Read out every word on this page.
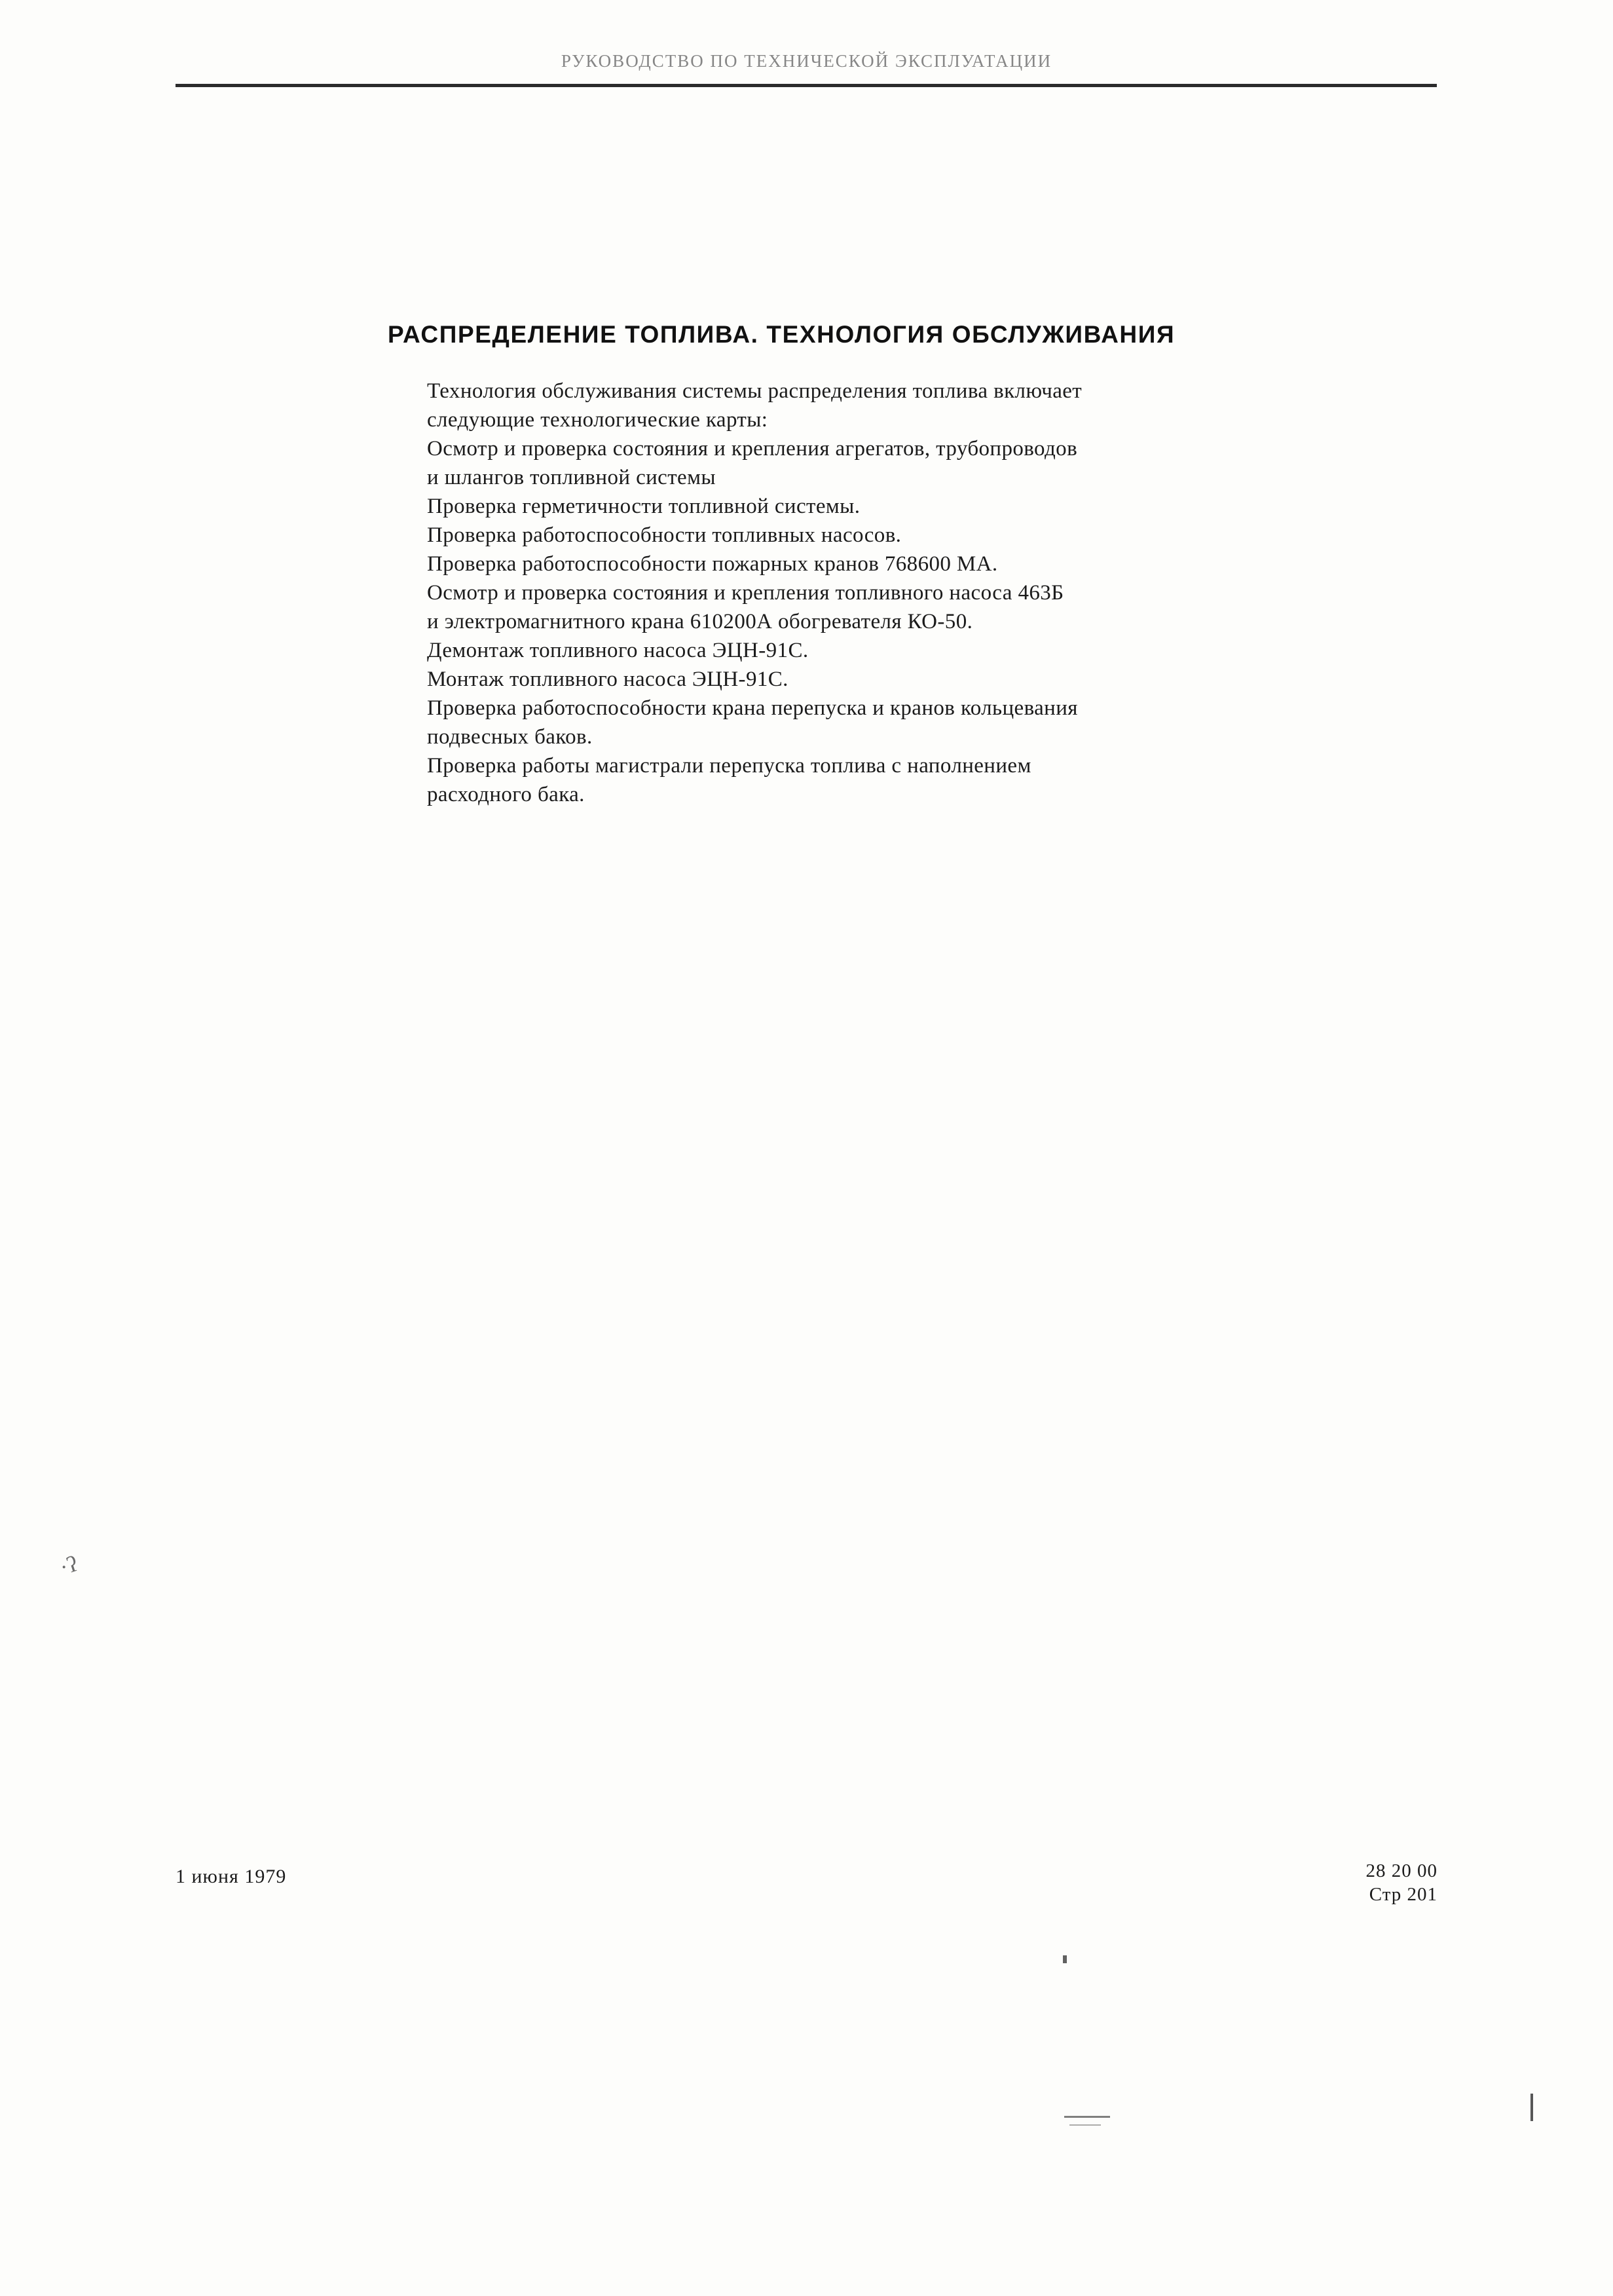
РУКОВОДСТВО ПО ТЕХНИЧЕСКОЙ ЭКСПЛУАТАЦИИ
РАСПРЕДЕЛЕНИЕ ТОПЛИВА. ТЕХНОЛОГИЯ ОБСЛУЖИВАНИЯ

Технология обслуживания системы распределения топлива включает

следующие технологические карты:

Осмотр и проверка состояния и крепления агрегатов, трубопроводов

и шлангов топливной системы

Проверка герметичности топливной системы.

Проверка работоспособности топливных насосов.

Проверка работоспособности пожарных кранов 768600 МА.

Осмотр и проверка состояния и крепления топливного насоса 463Б

и электромагнитного крана 610200А обогревателя КО-50.

Демонтаж топливного насоса ЭЦН-91С.

Монтаж топливного насоса ЭЦН-91С.

Проверка работоспособности крана перепуска и кранов кольцевания

подвесных баков.

Проверка работы магистрали перепуска топлива с наполнением

расходного бака.

·ʔ
1 июня 1979	28 20 00
Стр 201
